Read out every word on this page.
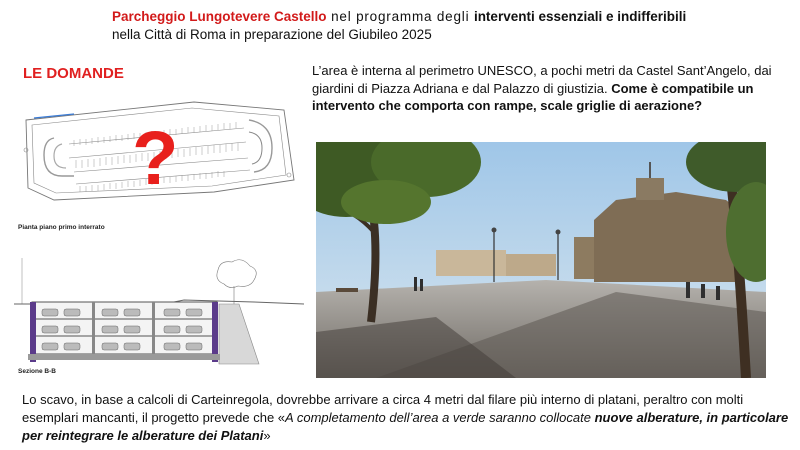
Parcheggio Lungotevere Castello nel programma degli interventi essenziali e indifferibili nella Città di Roma in preparazione del Giubileo 2025
LE DOMANDE	L’area è interna al perimetro UNESCO, a pochi metri da Castel Sant’Angelo, dai giardini di Piazza Adriana e dal Palazzo di giustizia. Come è compatibile un intervento che comporta con rampe, scale griglie di aerazione?
?
Pianta piano primo interrato
Sezione B-B
Lo scavo, in base a calcoli di Carteinregola, dovrebbe arrivare a circa 4 metri dal filare più interno di platani, peraltro con molti esemplari mancanti, il progetto prevede che «A completamento dell’area a verde saranno collocate nuove alberature, in particolare per reintegrare le alberature dei Platani»
